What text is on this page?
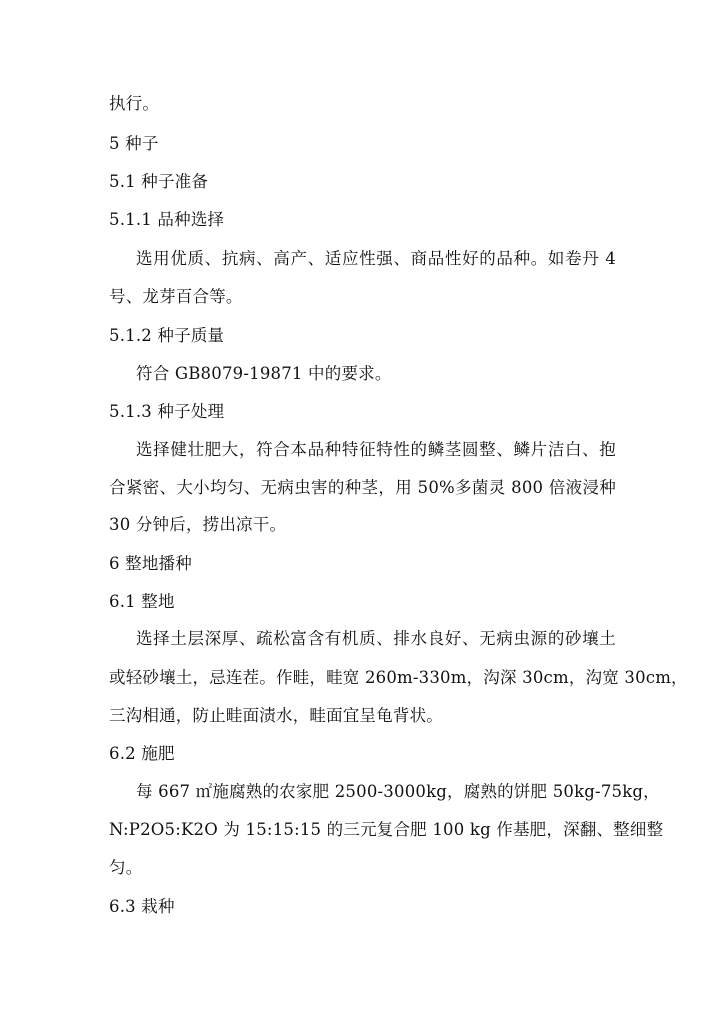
执行。
5 种子
5.1 种子准备
5.1.1 品种选择
选用优质、抗病、高产、适应性强、商品性好的品种。如卷丹 4
号、龙芽百合等。
5.1.2 种子质量
符合 GB8079-19871 中的要求。
5.1.3 种子处理
选择健壮肥大，符合本品种特征特性的鳞茎圆整、鳞片洁白、抱
合紧密、大小均匀、无病虫害的种茎，用 50%多菌灵 800 倍液浸种
30 分钟后，捞出凉干。
6 整地播种
6.1 整地
选择土层深厚、疏松富含有机质、排水良好、无病虫源的砂壤土
或轻砂壤土，忌连茬。作畦，畦宽 260m-330m，沟深 30cm，沟宽 30cm，
三沟相通，防止畦面渍水，畦面宜呈龟背状。
6.2 施肥
每 667 ㎡施腐熟的农家肥 2500-3000kg，腐熟的饼肥 50kg-75kg，
N:P2O5:K2O 为 15:15:15 的三元复合肥 100 kg 作基肥，深翻、整细整
匀。
6.3 栽种
